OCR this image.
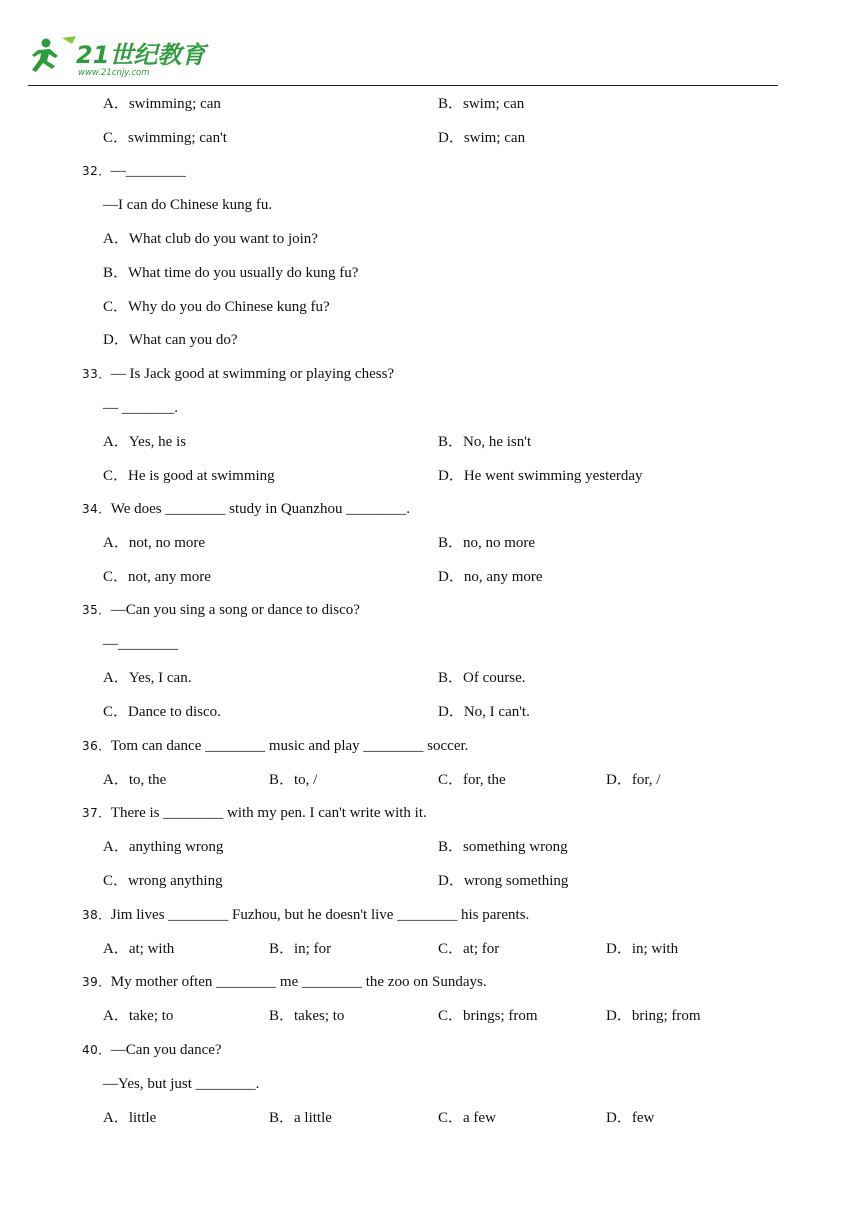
21世纪教育
www.21cnjy.com
A．swimming; can	B．swim; can
C．swimming; can't	D．swim; can
32．—________
—I can do Chinese kung fu.
A．What club do you want to join?
B．What time do you usually do kung fu?
C．Why do you do Chinese kung fu?
D．What can you do?
33．— Is Jack good at swimming or playing chess?
— _______.
A．Yes, he is	B．No, he isn't
C．He is good at swimming	D．He went swimming yesterday
34．We does ________ study in Quanzhou ________.
A．not, no more	B．no, no more
C．not, any more	D．no, any more
35．—Can you sing a song or dance to disco?
—________
A．Yes, I can.	B．Of course.
C．Dance to disco.	D．No, I can't.
36．Tom can dance ________ music and play ________ soccer.
A．to, the	B．to, /	C．for, the	D．for, /
37．There is ________ with my pen. I can't write with it.
A．anything wrong	B．something wrong
C．wrong anything	D．wrong something
38．Jim lives ________ Fuzhou, but he doesn't live ________ his parents.
A．at; with	B．in; for	C．at; for	D．in; with
39．My mother often ________ me ________ the zoo on Sundays.
A．take; to	B．takes; to	C．brings; from	D．bring; from
40．—Can you dance?
—Yes, but just ________.
A．little	B．a little	C．a few	D．few
